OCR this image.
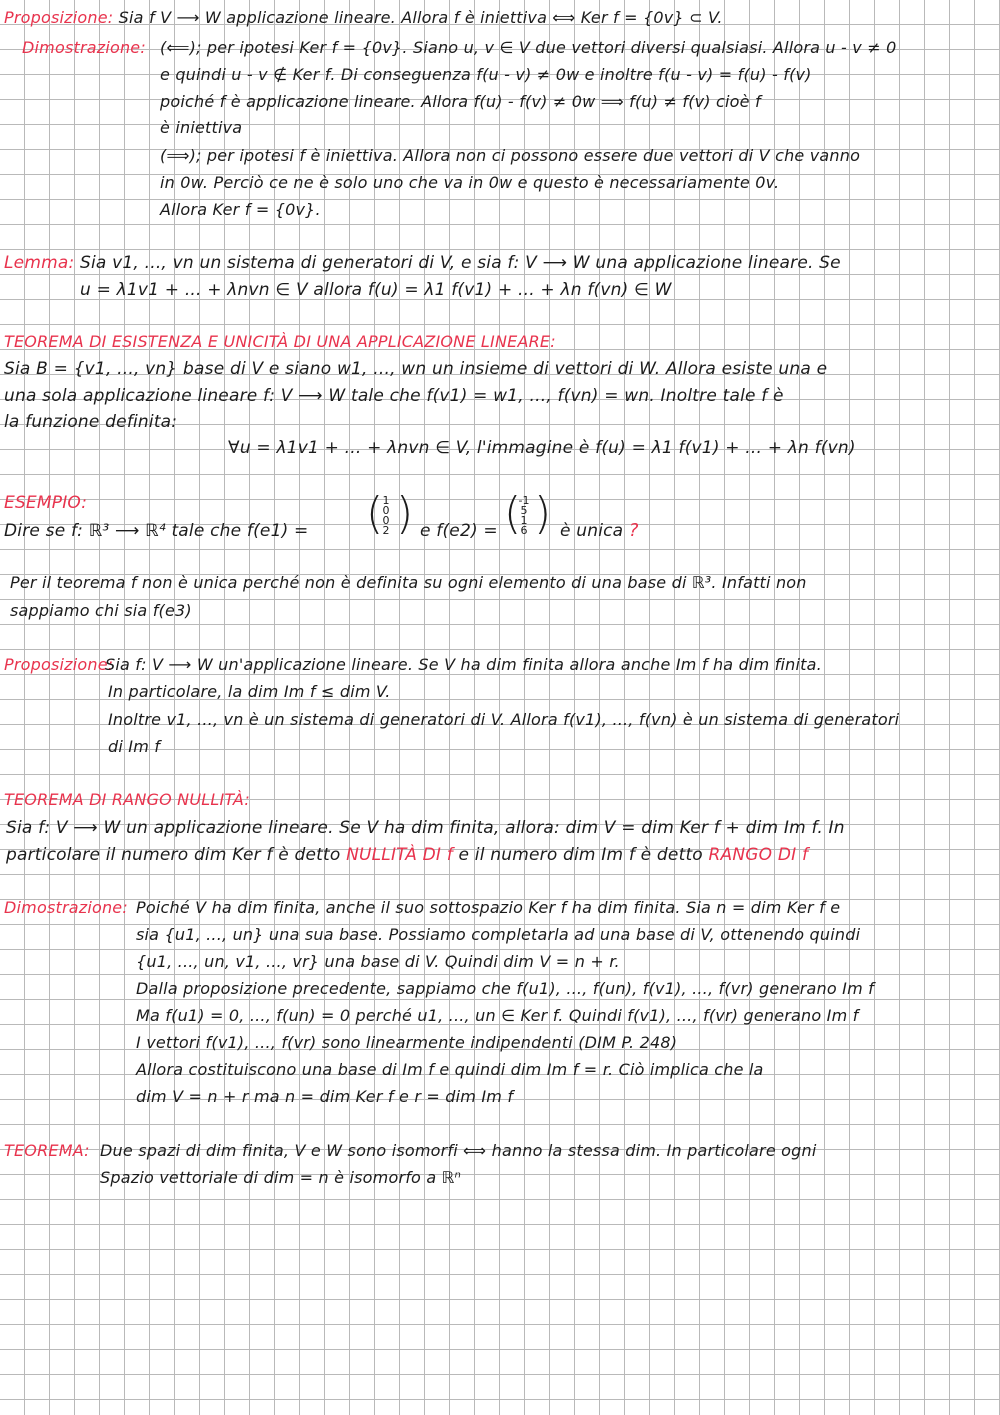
Proposizione: Sia f V ⟶ W applicazione lineare. Allora f è iniettiva ⟺ Ker f = {0v} ⊂ V.
Dimostrazione: (⟸); per ipotesi Ker f = {0v}. Siano u, v ∈ V due vettori diversi qualsiasi. Allora u - v ≠ 0
e quindi u - v ∉ Ker f. Di conseguenza f(u - v) ≠ 0w e inoltre f(u - v) = f(u) - f(v)
poiché f è applicazione lineare. Allora f(u) - f(v) ≠ 0w ⟹ f(u) ≠ f(v) cioè f
è iniettiva
(⟹); per ipotesi f è iniettiva. Allora non ci possono essere due vettori di V che vanno
in 0w. Perciò ce ne è solo uno che va in 0w e questo è necessariamente 0v.
Allora Ker f = {0v}.
Lemma: Sia v1, ..., vn un sistema di generatori di V, e sia f: V ⟶ W una applicazione lineare. Se
u = λ1v1 + ... + λnvn ∈ V allora f(u) = λ1 f(v1) + ... + λn f(vn) ∈ W
TEOREMA DI ESISTENZA E UNICITÀ DI UNA APPLICAZIONE LINEARE:
Sia B = {v1, ..., vn} base di V e siano w1, ..., wn un insieme di vettori di W. Allora esiste una e
una sola applicazione lineare f: V ⟶ W tale che f(v1) = w1, ..., f(vn) = wn. Inoltre tale f è
la funzione definita:
∀u = λ1v1 + ... + λnvn ∈ V, l'immagine è f(u) = λ1 f(v1) + ... + λn f(vn)
ESEMPIO:
Dire se f: ℝ³ ⟶ ℝ⁴ tale che f(e1) = ( 1
0
0
2 ) e f(e2) = (
-1
5
1
6 ) è unica ?
Per il teorema f non è unica perché non è definita su ogni elemento di una base di ℝ³. Infatti non
sappiamo chi sia f(e3)
Proposizione:
Sia f: V ⟶ W un'applicazione lineare. Se V ha dim finita allora anche Im f ha dim finita.
In particolare, la dim Im f ≤ dim V.
Inoltre v1, ..., vn è un sistema di generatori di V. Allora f(v1), ..., f(vn) è un sistema di generatori
di Im f
TEOREMA DI RANGO NULLITÀ:
Sia f: V ⟶ W un applicazione lineare. Se V ha dim finita, allora: dim V = dim Ker f + dim Im f. In
particolare il numero dim Ker f è detto NULLITÀ DI f e il numero dim Im f è detto RANGO DI f
Dimostrazione: Poiché V ha dim finita, anche il suo sottospazio Ker f ha dim finita. Sia n = dim Ker f e
sia {u1, ..., un} una sua base. Possiamo completarla ad una base di V, ottenendo quindi
{u1, ..., un, v1, ..., vr} una base di V. Quindi dim V = n + r.
Dalla proposizione precedente, sappiamo che f(u1), ..., f(un), f(v1), ..., f(vr) generano Im f
Ma f(u1) = 0, ..., f(un) = 0 perché u1, ..., un ∈ Ker f. Quindi f(v1), ..., f(vr) generano Im f
I vettori f(v1), ..., f(vr) sono linearmente indipendenti (DIM P. 248)
Allora costituiscono una base di Im f e quindi dim Im f = r. Ciò implica che la
dim V = n + r ma n = dim Ker f e r = dim Im f
TEOREMA: Due spazi di dim finita, V e W sono isomorfi ⟺ hanno la stessa dim. In particolare ogni
Spazio vettoriale di dim = n è isomorfo a ℝⁿ
